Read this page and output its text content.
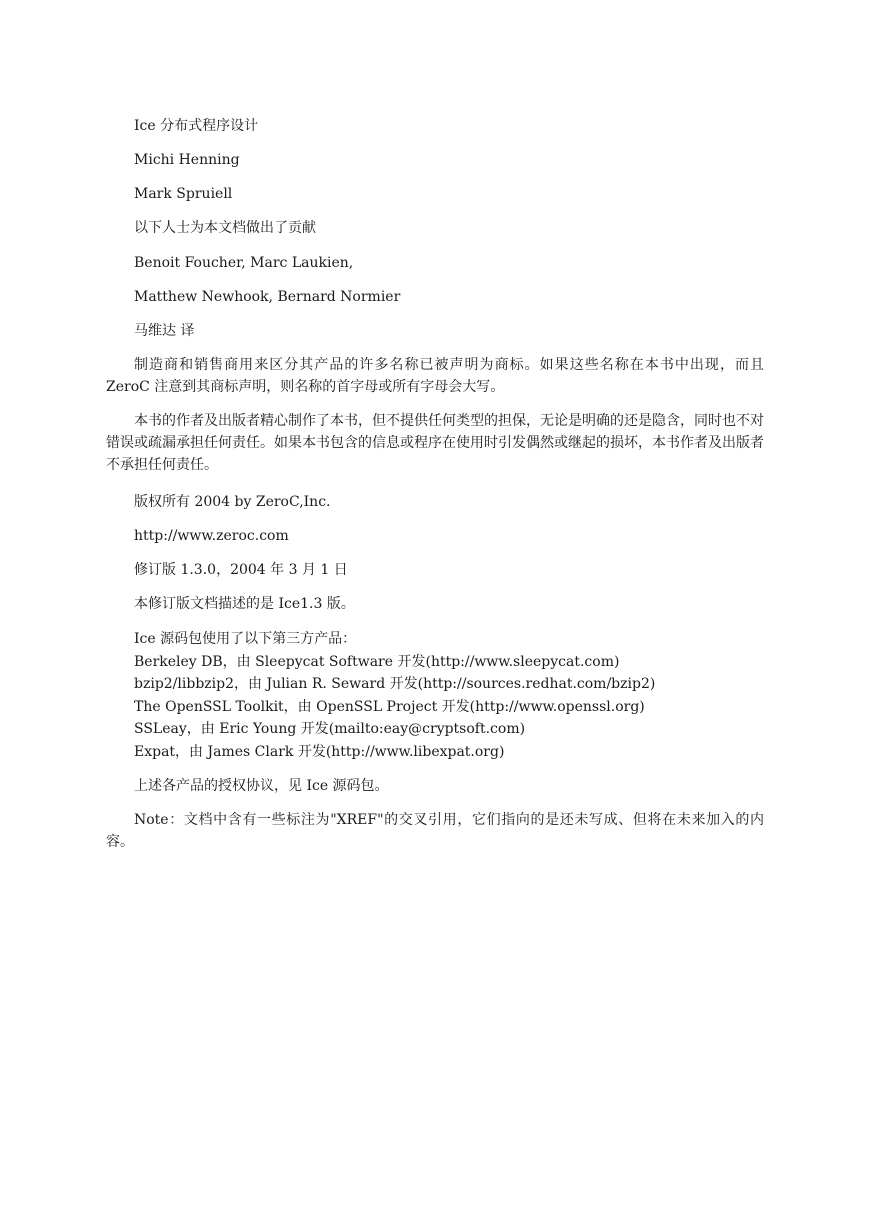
Ice 分布式程序设计
Michi Henning
Mark Spruiell
以下人士为本文档做出了贡献
Benoit Foucher, Marc Laukien,
Matthew Newhook, Bernard Normier
马维达 译
制造商和销售商用来区分其产品的许多名称已被声明为商标。如果这些名称在本书中出现，而且 ZeroC 注意到其商标声明，则名称的首字母或所有字母会大写。
本书的作者及出版者精心制作了本书，但不提供任何类型的担保，无论是明确的还是隐含，同时也不对错误或疏漏承担任何责任。如果本书包含的信息或程序在使用时引发偶然或继起的损坏，本书作者及出版者不承担任何责任。
版权所有 2004 by ZeroC,Inc.
http://www.zeroc.com
修订版 1.3.0，2004 年 3 月 1 日
本修订版文档描述的是 Ice1.3 版。
Ice 源码包使用了以下第三方产品：
Berkeley DB，由 Sleepycat Software 开发(http://www.sleepycat.com)
bzip2/libbzip2，由 Julian R. Seward 开发(http://sources.redhat.com/bzip2)
The OpenSSL Toolkit，由 OpenSSL Project 开发(http://www.openssl.org)
SSLeay，由 Eric Young 开发(mailto:eay@cryptsoft.com)
Expat，由 James Clark 开发(http://www.libexpat.org)
上述各产品的授权协议，见 Ice 源码包。
Note：文档中含有一些标注为"XREF"的交叉引用，它们指向的是还未写成、但将在未来加入的内容。
